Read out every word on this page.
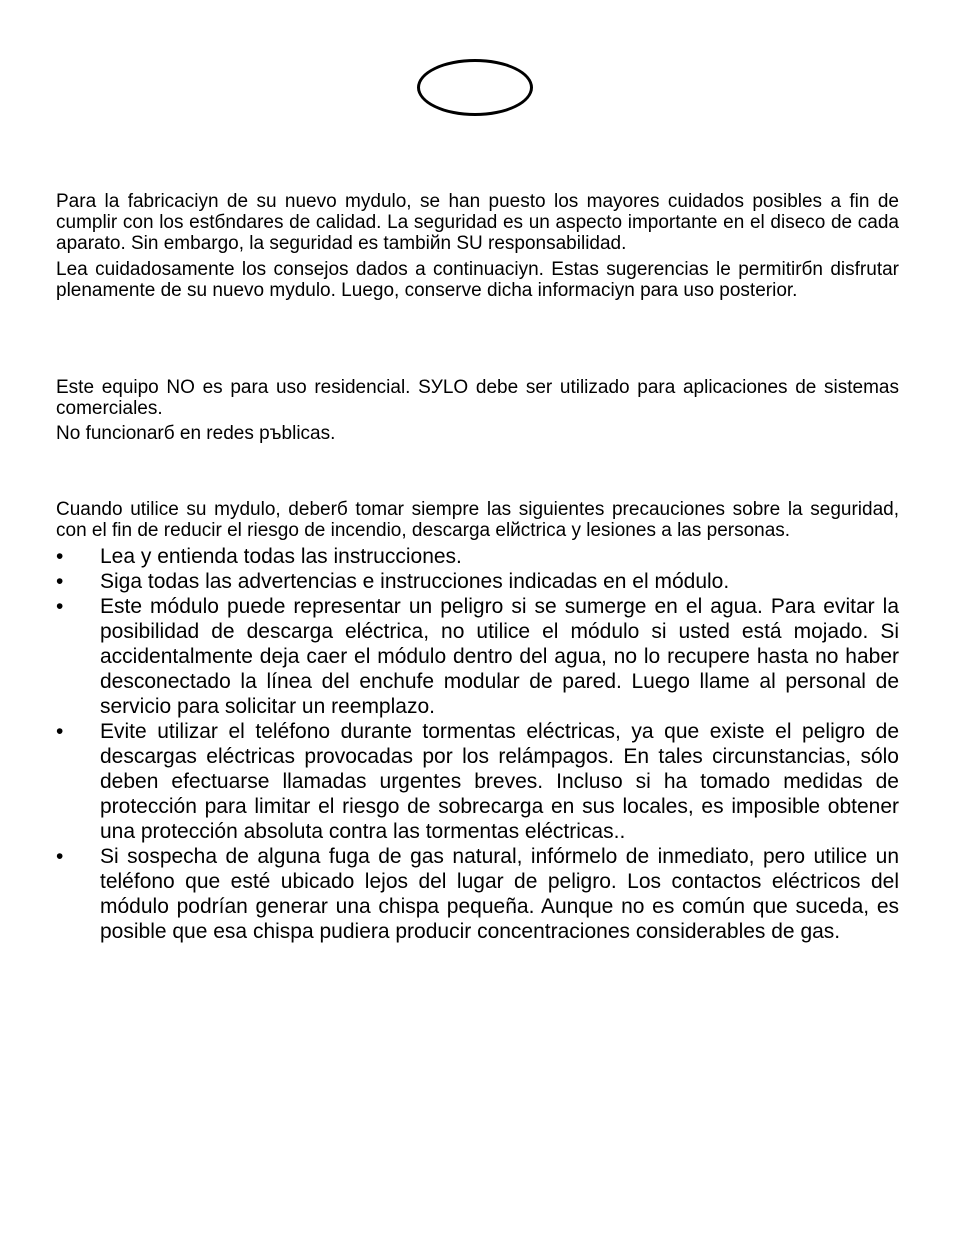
Para la fabricaciyn de su nuevo mydulo, se han puesto los mayores cuidados posibles a fin de cumplir con los estбndares de calidad. La seguridad es un aspecto importante en el diseсo de cada aparato. Sin embargo, la seguridad es tambiйn SU responsabilidad.

Lea cuidadosamente los consejos dados a continuaciyn. Estas sugerencias le permitirбn disfrutar plenamente de su nuevo mydulo. Luego, conserve dicha informaciyn para uso posterior.

Este equipo NO es para uso residencial. SУLO debe ser utilizado para aplicaciones de sistemas comerciales.

No funcionarб en redes pъblicas.

Cuando utilice su mydulo, deberб tomar siempre las siguientes precauciones sobre la seguridad, con el fin de reducir el riesgo de incendio, descarga elйctrica y lesiones a las personas.

• Lea y entienda todas las instrucciones.
• Siga todas las advertencias e instrucciones indicadas en el módulo.
• Este módulo puede representar un peligro si se sumerge en el agua. Para evitar la posibilidad de descarga eléctrica, no utilice el módulo si usted está mojado. Si accidentalmente deja caer el módulo dentro del agua, no lo recupere hasta no haber desconectado la línea del enchufe modular de pared. Luego llame al personal de servicio para solicitar un reemplazo.
• Evite utilizar el teléfono durante tormentas eléctricas, ya que existe el peligro de descargas eléctricas provocadas por los relámpagos. En tales circunstancias, sólo deben efectuarse llamadas urgentes breves. Incluso si ha tomado medidas de protección para limitar el riesgo de sobrecarga en sus locales, es imposible obtener una protección absoluta contra las tormentas eléctricas..
• Si sospecha de alguna fuga de gas natural, infórmelo de inmediato, pero utilice un teléfono que esté ubicado lejos del lugar de peligro. Los contactos eléctricos del módulo podrían generar una chispa pequeña. Aunque no es común que suceda, es posible que esa chispa pudiera producir concentraciones considerables de gas.
